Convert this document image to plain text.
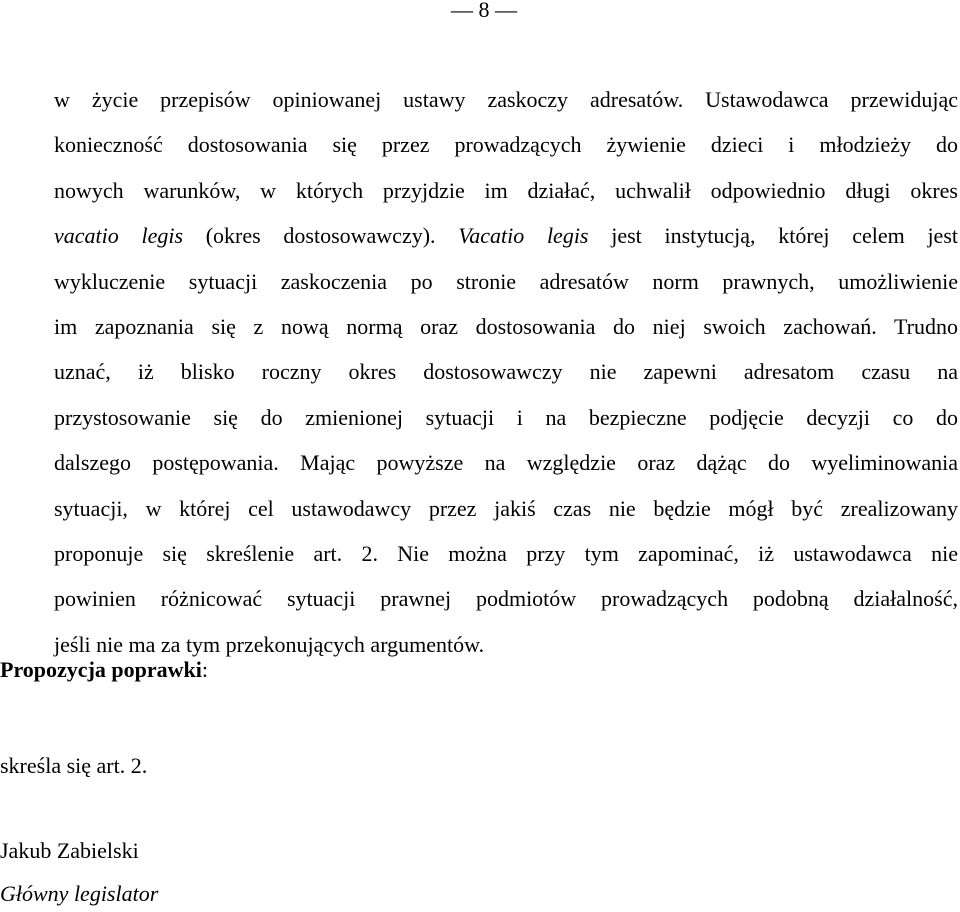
— 8 —
w życie przepisów opiniowanej ustawy zaskoczy adresatów. Ustawodawca przewidując
konieczność dostosowania się przez prowadzących żywienie dzieci i młodzieży do
nowych warunków, w których przyjdzie im działać, uchwalił odpowiednio długi okres
vacatio legis (okres dostosowawczy). Vacatio legis jest instytucją, której celem jest
wykluczenie sytuacji zaskoczenia po stronie adresatów norm prawnych, umożliwienie
im zapoznania się z nową normą oraz dostosowania do niej swoich zachowań. Trudno
uznać, iż blisko roczny okres dostosowawczy nie zapewni adresatom czasu na
przystosowanie się do zmienionej sytuacji i na bezpieczne podjęcie decyzji co do
dalszego postępowania. Mając powyższe na względzie oraz dążąc do wyeliminowania
sytuacji, w której cel ustawodawcy przez jakiś czas nie będzie mógł być zrealizowany
proponuje się skreślenie art. 2. Nie można przy tym zapominać, iż ustawodawca nie
powinien różnicować sytuacji prawnej podmiotów prowadzących podobną działalność,
jeśli nie ma za tym przekonujących argumentów.

Propozycja poprawki:

skreśla się art. 2.

Jakub Zabielski

Główny legislator
